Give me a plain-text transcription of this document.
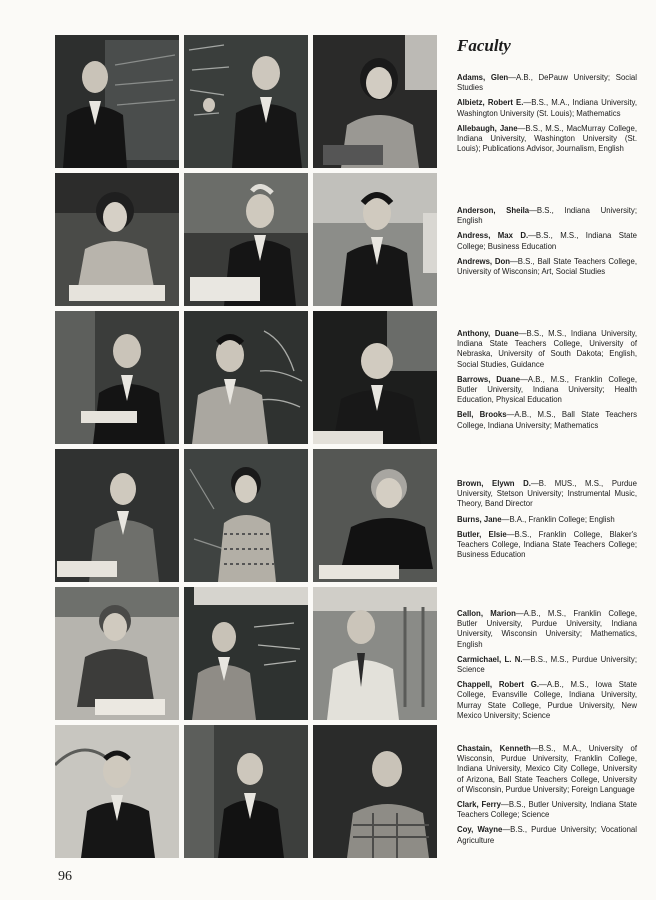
Faculty

Adams, Glen—A.B., DePauw University; Social Studies

Albietz, Robert E.—B.S., M.A., Indiana University, Washington University (St. Louis); Mathematics

Allebaugh, Jane—B.S., M.S., MacMurray College, Indiana University, Washington University (St. Louis); Publications Advisor, Journalism, English

Anderson, Sheila—B.S., Indiana University; English

Andress, Max D.—B.S., M.S., Indiana State College; Business Education

Andrews, Don—B.S., Ball State Teachers College, University of Wisconsin; Art, Social Studies

Anthony, Duane—B.S., M.S., Indiana University, Indiana State Teachers College, University of Nebraska, University of South Dakota; English, Social Studies, Guidance

Barrows, Duane—A.B., M.S., Franklin College, Butler University, Indiana University; Health Education, Physical Education

Bell, Brooks—A.B., M.S., Ball State Teachers College, Indiana University; Mathematics

Brown, Elywn D.—B. MUS., M.S., Purdue University, Stetson University; Instrumental Music, Theory, Band Director

Burns, Jane—B.A., Franklin College; English

Butler, Elsie—B.S., Franklin College, Blaker's Teachers College, Indiana State Teachers College; Business Education

Callon, Marion—A.B., M.S., Franklin College, Butler University, Purdue University, Indiana University, Wisconsin University; Mathematics, English

Carmichael, L. N.—B.S., M.S., Purdue University; Science

Chappell, Robert G.—A.B., M.S., Iowa State College, Evansville College, Indiana University, Murray State College, Purdue University, New Mexico University; Science

Chastain, Kenneth—B.S., M.A., University of Wisconsin, Purdue University, Franklin College, Indiana University, Mexico City College, University of Arizona, Ball State Teachers College, University of Wisconsin, Purdue University; Foreign Language

Clark, Ferry—B.S., Butler University, Indiana State Teachers College; Science

Coy, Wayne—B.S., Purdue University; Vocational Agriculture

96
